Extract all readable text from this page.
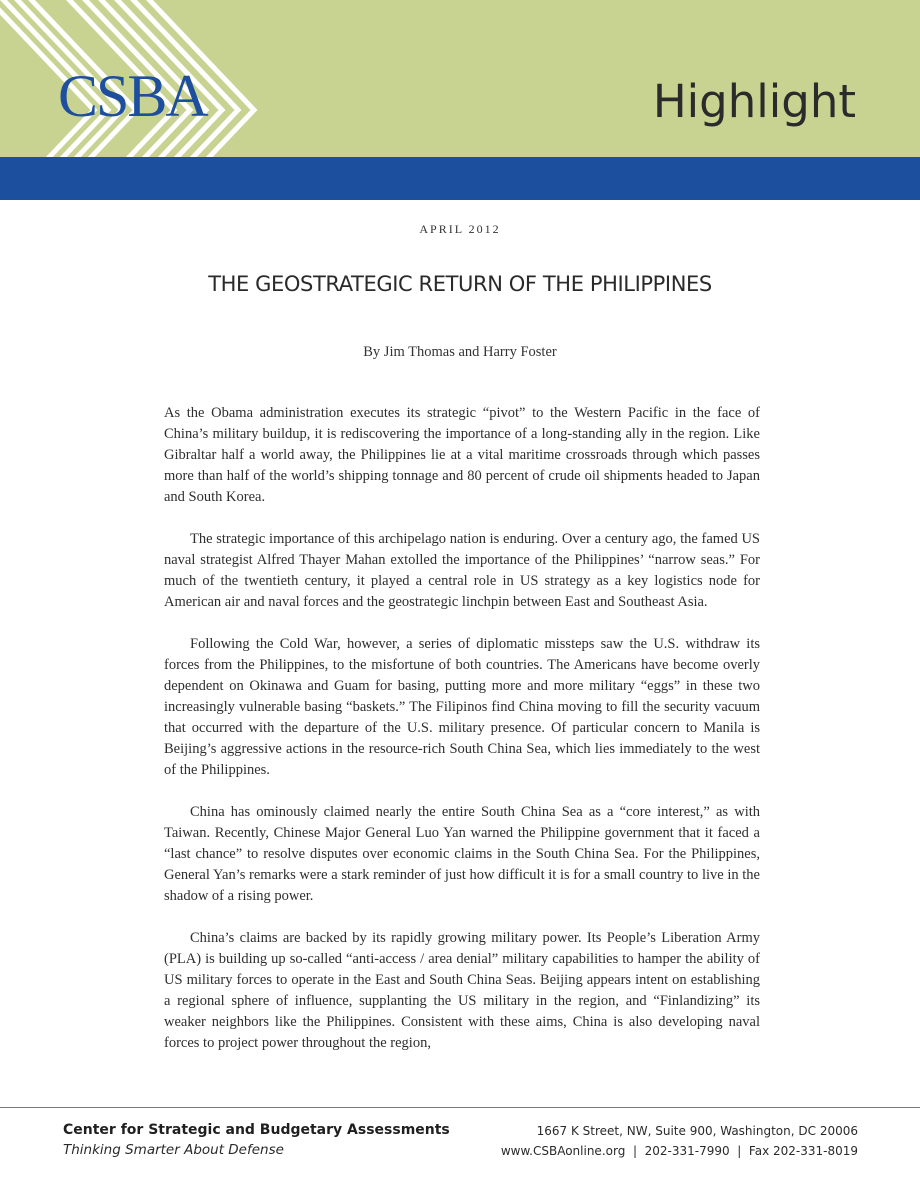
CSBA	Highlight
APRIL 2012
THE GEOSTRATEGIC RETURN OF THE PHILIPPINES
By Jim Thomas and Harry Foster

As the Obama administration executes its strategic “pivot” to the Western Pacific in the face of China’s military buildup, it is rediscovering the importance of a long-standing ally in the region. Like Gibraltar half a world away, the Philippines lie at a vital maritime crossroads through which passes more than half of the world’s shipping tonnage and 80 percent of crude oil shipments headed to Japan and South Korea.

The strategic importance of this archipelago nation is enduring. Over a century ago, the famed US naval strategist Alfred Thayer Mahan extolled the importance of the Philippines’ “narrow seas.” For much of the twentieth century, it played a central role in US strategy as a key logistics node for American air and naval forces and the geostrategic linchpin between East and Southeast Asia.

Following the Cold War, however, a series of diplomatic missteps saw the U.S. withdraw its forces from the Philippines, to the misfortune of both countries. The Americans have become overly dependent on Okinawa and Guam for basing, putting more and more military “eggs” in these two increasingly vulnerable basing “baskets.” The Filipinos find China moving to fill the security vacuum that occurred with the departure of the U.S. military presence. Of particular concern to Manila is Beijing’s aggressive actions in the resource-rich South China Sea, which lies immediately to the west of the Philippines.

China has ominously claimed nearly the entire South China Sea as a “core interest,” as with Taiwan. Recently, Chinese Major General Luo Yan warned the Philippine government that it faced a “last chance” to resolve disputes over economic claims in the South China Sea. For the Philippines, General Yan’s remarks were a stark reminder of just how difficult it is for a small country to live in the shadow of a rising power.

China’s claims are backed by its rapidly growing military power. Its People’s Liberation Army (PLA) is building up so-called “anti-access / area denial” military capabilities to hamper the ability of US military forces to operate in the East and South China Seas. Beijing appears intent on establishing a regional sphere of influence, supplanting the US military in the region, and “Finlandizing” its weaker neighbors like the Philippines. Consistent with these aims, China is also developing naval forces to project power throughout the region,

Center for Strategic and Budgetary Assessments
Thinking Smarter About Defense
1667 K Street, NW, Suite 900, Washington, DC 20006
www.CSBAonline.org  |  202-331-7990  |  Fax 202-331-8019
